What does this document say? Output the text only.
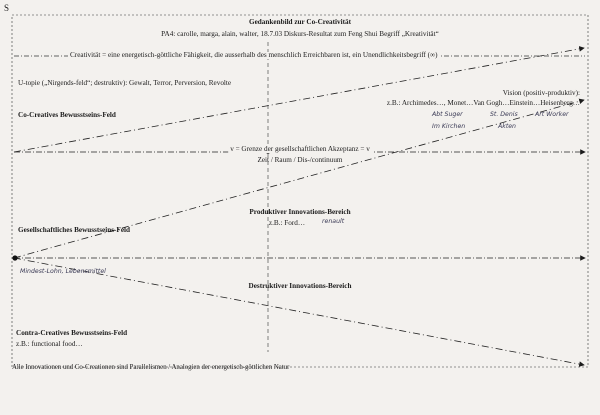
S
Gedankenbild zur Co-Creativität
PA4: carolle, marga, alain, walter, 18.7.03 Diskurs-Resultat zum Feng Shui Begriff „Kreativität“
Creativität = eine energetisch-göttliche Fähigkeit, die ausserhalb des menschlich Erreichbaren ist, ein Unendlichkeitsbegriff (∞)
U-topie („Nirgends-feld“; destruktiv): Gewalt, Terror, Perversion, Revolte
Vision (positiv-produktiv):
z.B.: Archimedes…, Monet…Van Gogh…Einstein…Heisenberg…
Abt Suger	St. Denis	Art Worker
Im Kirchen	Akten
Co-Creatives Bewusstseins-Feld
v = Grenze der gesellschaftlichen Akzeptanz = v
Zeit / Raum / Dis-/continuum
Produktiver Innovations-Bereich
z.B.: Ford…	renault
Gesellschaftliches Bewusstseins-Feld
Mindest-Lohn, Lebensmittel
Destruktiver Innovations-Bereich
Contra-Creatives Bewusstseins-Feld
z.B.: functional food…
Alle Innovationen und Co-Creationen sind Parallelismen / Analogien der energetisch-göttlichen Natur
